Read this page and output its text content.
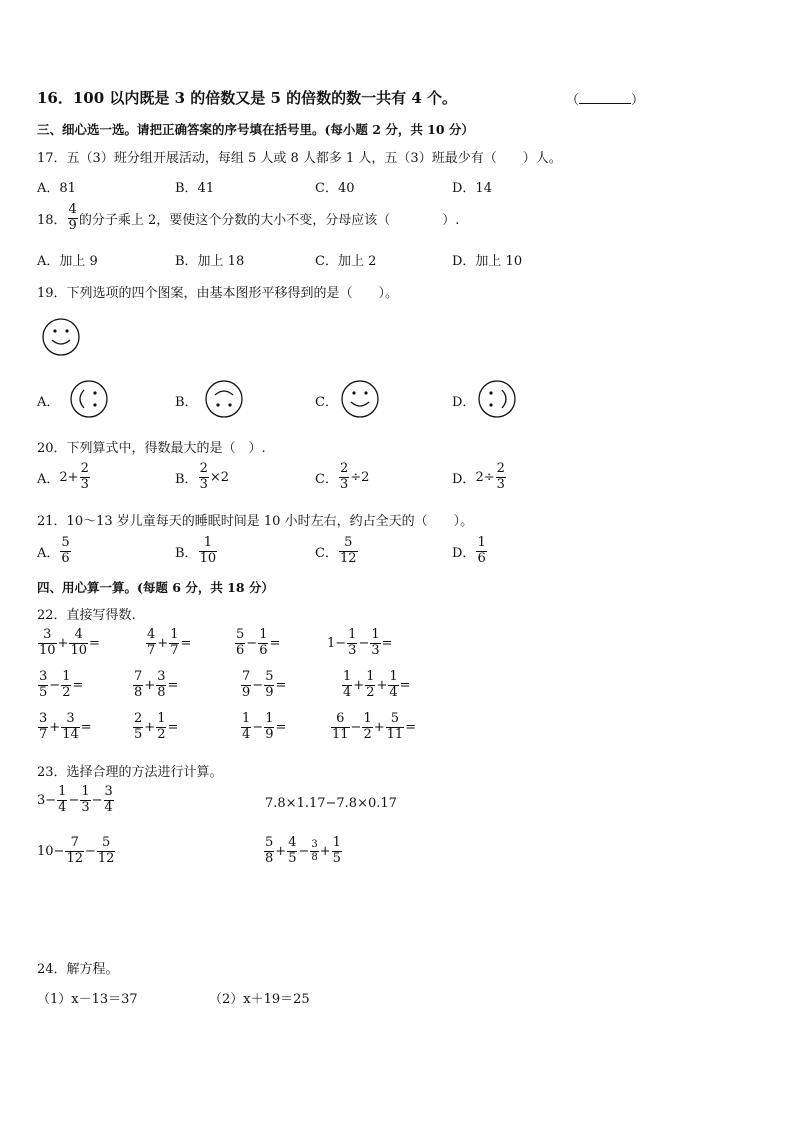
16．100 以内既是 3 的倍数又是 5 的倍数的数一共有 4 个。	（	）
三、细心选一选。请把正确答案的序号填在括号里。(每小题 2 分，共 10 分）
17．五（3）班分组开展活动，每组 5 人或 8 人都多 1 人，五（3）班最少有（　　）人。
A．81	B．41	C．40	D．14
18． $\frac{4}{9}$ 的分子乘上 2，要使这个分数的大小不变，分母应该（　　　　）.
A．加上 9	B．加上 18	C．加上 2	D．加上 10
19．下列选项的四个图案，由基本图形平移得到的是（　　）。
A．	B．	C．	D．
20．下列算式中，得数最大的是（　）.
A．$2+ \frac{2}{3}$	B． $\frac{2}{3} \times 2$	C． $\frac{2}{3} \div 2$	D．$2\div \frac{2}{3}$
21．10～13 岁儿童每天的睡眠时间是 10 小时左右，约占全天的（　　）。
A． $\frac{5}{6}$	B． $\frac{1}{10}$	C． $\frac{5}{12}$	D． $\frac{1}{6}$
四、用心算一算。(每题 6 分，共 18 分）
22．直接写得数.
$\frac{3}{10} + \frac{4}{10}$ =	$\frac{4}{7} + \frac{1}{7}$ =	$\frac{5}{6} - \frac{1}{6}$ =	$1- \frac{1}{3} - \frac{1}{3}$ =
$\frac{3}{5} - \frac{1}{2}$ =	$\frac{7}{8} + \frac{3}{8}$ =	$\frac{7}{9} - \frac{5}{9}$ =	$\frac{1}{4} + \frac{1}{2} + \frac{1}{4}$ =
$\frac{3}{7} + \frac{3}{14}$ =	$\frac{2}{5} + \frac{1}{2}$ =	$\frac{1}{4} - \frac{1}{9}$ =	$\frac{6}{11} - \frac{1}{2} + \frac{5}{11}$ =
23．选择合理的方法进行计算。
$3- \frac{1}{4} - \frac{1}{3} - \frac{3}{4}$	7.8×1.17−7.8×0.17
$10- \frac{7}{12} - \frac{5}{12}$	$\frac{5}{8} + \frac{4}{5} - \frac{3}{8} + \frac{1}{5}$
24．解方程。
（1）x－13＝37	（2）x＋19＝25
